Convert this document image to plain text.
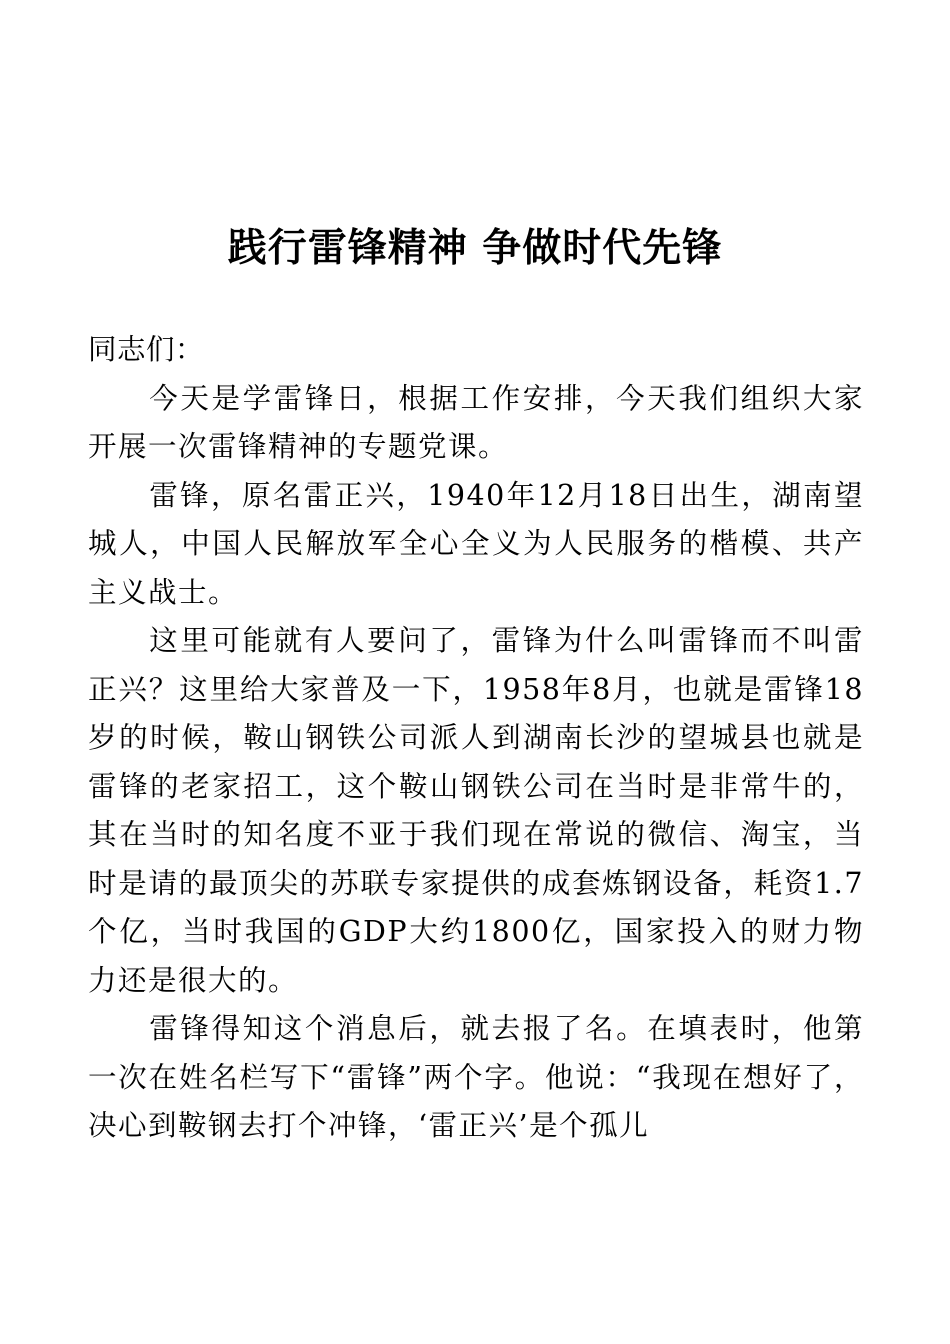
践行雷锋精神 争做时代先锋

同志们：

今天是学雷锋日，根据工作安排，今天我们组织大家开展一次雷锋精神的专题党课。

雷锋，原名雷正兴，1940年12月18日出生，湖南望城人，中国人民解放军全心全义为人民服务的楷模、共产主义战士。

这里可能就有人要问了，雷锋为什么叫雷锋而不叫雷正兴？这里给大家普及一下，1958年8月，也就是雷锋18岁的时候，鞍山钢铁公司派人到湖南长沙的望城县也就是雷锋的老家招工，这个鞍山钢铁公司在当时是非常牛的，其在当时的知名度不亚于我们现在常说的微信、淘宝，当时是请的最顶尖的苏联专家提供的成套炼钢设备，耗资1.7个亿，当时我国的GDP大约1800亿，国家投入的财力物力还是很大的。

雷锋得知这个消息后，就去报了名。在填表时，他第一次在姓名栏写下“雷锋”两个字。他说：“我现在想好了，决心到鞍钢去打个冲锋，‘雷正兴’是个孤儿
